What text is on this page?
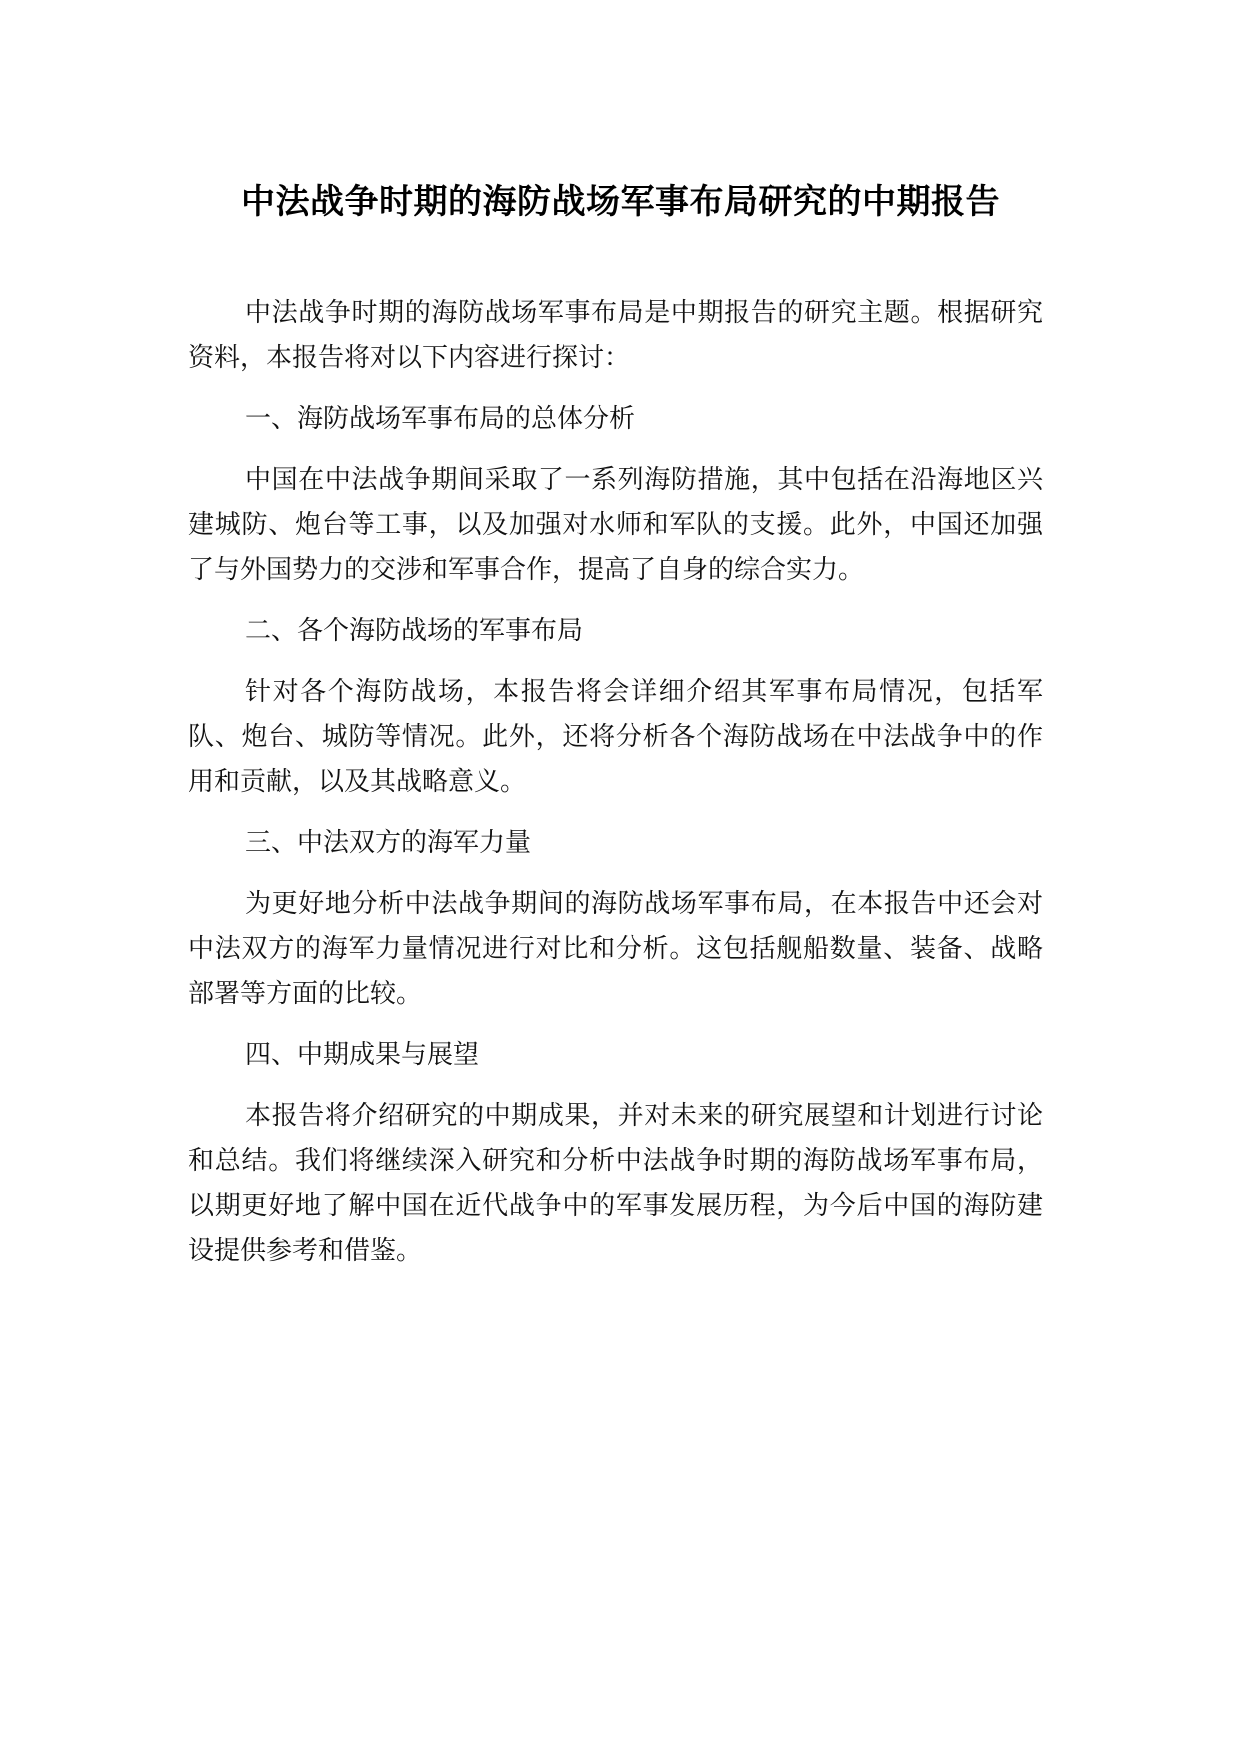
中法战争时期的海防战场军事布局研究的中期报告

中法战争时期的海防战场军事布局是中期报告的研究主题。根据研究资料，本报告将对以下内容进行探讨：

一、海防战场军事布局的总体分析

中国在中法战争期间采取了一系列海防措施，其中包括在沿海地区兴建城防、炮台等工事，以及加强对水师和军队的支援。此外，中国还加强了与外国势力的交涉和军事合作，提高了自身的综合实力。

二、各个海防战场的军事布局

针对各个海防战场，本报告将会详细介绍其军事布局情况，包括军队、炮台、城防等情况。此外，还将分析各个海防战场在中法战争中的作用和贡献，以及其战略意义。

三、中法双方的海军力量

为更好地分析中法战争期间的海防战场军事布局，在本报告中还会对中法双方的海军力量情况进行对比和分析。这包括舰船数量、装备、战略部署等方面的比较。

四、中期成果与展望

本报告将介绍研究的中期成果，并对未来的研究展望和计划进行讨论和总结。我们将继续深入研究和分析中法战争时期的海防战场军事布局，以期更好地了解中国在近代战争中的军事发展历程，为今后中国的海防建设提供参考和借鉴。
